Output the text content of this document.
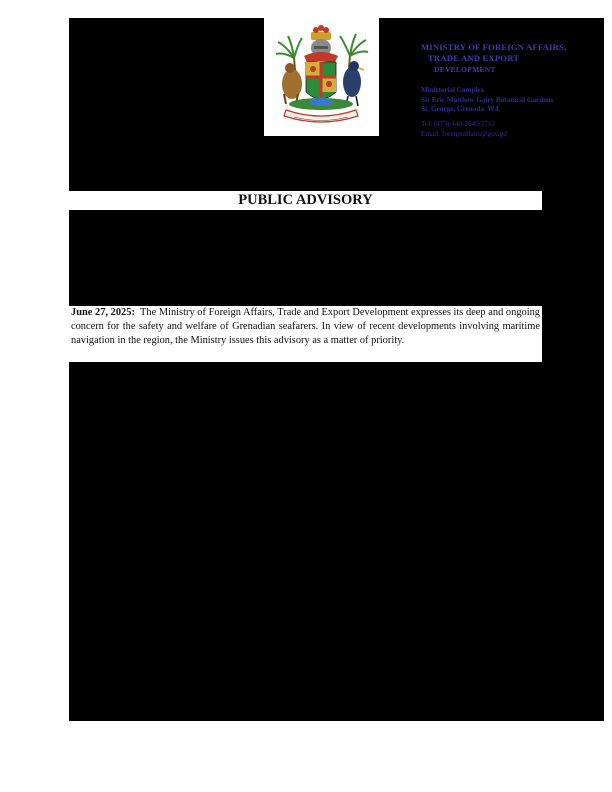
MINISTRY OF FOREIGN AFFAIRS,
TRADE AND EXPORT
DEVELOPMENT
Ministerial Complex
Sir Eric Matthew Gairy Botanical Gardens
St. George, Grenada. W.I.
Tel: (473) 440-2640/2712
Email: foreignaffairs@gov.gd
PUBLIC ADVISORY

June 27, 2025: The Ministry of Foreign Affairs, Trade and Export Development expresses its deep and ongoing concern for the safety and welfare of Grenadian seafarers. In view of recent developments involving maritime navigation in the region, the Ministry issues this advisory as a matter of priority.
